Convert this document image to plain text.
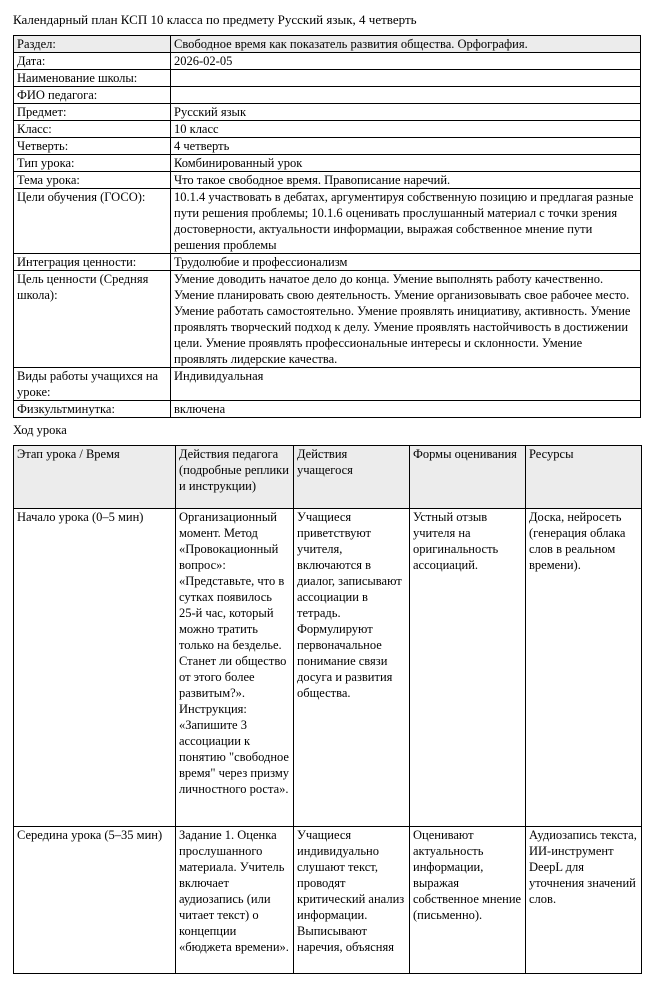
Календарный план КСП 10 класса по предмету Русский язык, 4 четверть
Раздел:	Свободное время как показатель развития общества. Орфография.
Дата:	2026-02-05
Наименование школы:	
ФИО педагога:	
Предмет:	Русский язык
Класс:	10 класс
Четверть:	4 четверть
Тип урока:	Комбинированный урок
Тема урока:	Что такое свободное время. Правописание наречий.
Цели обучения (ГОСО):	10.1.4 участвовать в дебатах, аргументируя собственную позицию и предлагая разные пути решения проблемы; 10.1.6 оценивать прослушанный материал с точки зрения достоверности, актуальности информации, выражая собственное мнение пути решения проблемы
Интеграция ценности:	Трудолюбие и профессионализм
Цель ценности (Средняя школа):	Умение доводить начатое дело до конца. Умение выполнять работу качественно. Умение планировать свою деятельность. Умение организовывать свое рабочее место. Умение работать самостоятельно. Умение проявлять инициативу, активность. Умение проявлять творческий подход к делу. Умение проявлять настойчивость в достижении цели. Умение проявлять профессиональные интересы и склонности. Умение проявлять лидерские качества.
Виды работы учащихся на уроке:	Индивидуальная
Физкультминутка:	включена
Ход урока
Этап урока / Время	Действия педагога (подробные реплики и инструкции)	Действия учащегося	Формы оценивания	Ресурсы
Начало урока (0–5 мин)	Организационный момент. Метод «Провокационный вопрос»: «Представьте, что в сутках появилось 25-й час, который можно тратить только на безделье. Станет ли общество от этого более развитым?». Инструкция: «Запишите 3 ассоциации к понятию "свободное время" через призму личностного роста».	Учащиеся приветствуют учителя, включаются в диалог, записывают ассоциации в тетрадь. Формулируют первоначальное понимание связи досуга и развития общества.	Устный отзыв учителя на оригинальность ассоциаций.	Доска, нейросеть (генерация облака слов в реальном времени).
Середина урока (5–35 мин)	Задание 1. Оценка прослушанного материала. Учитель включает аудиозапись (или читает текст) о концепции «бюджета времени».	Учащиеся индивидуально слушают текст, проводят критический анализ информации. Выписывают наречия, объясняя	Оценивают актуальность информации, выражая собственное мнение (письменно).	Аудиозапись текста, ИИ-инструмент DeepL для уточнения значений слов.
